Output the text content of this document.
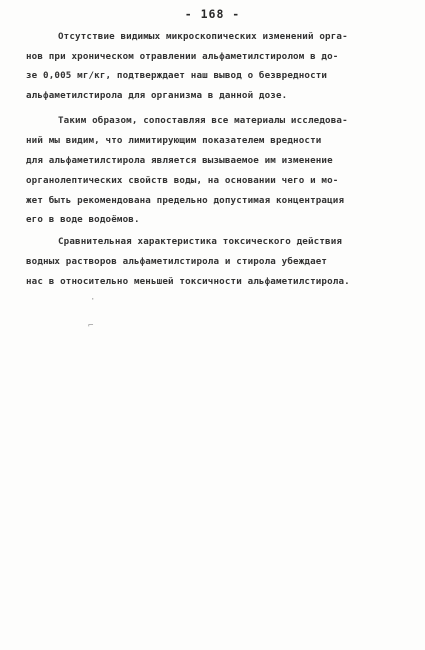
- 168 -
Отсутствие видимых микроскопических изменений орга-
нов при хроническом отравлении альфаметилстиролом в до-
зе 0,005 мг/кг, подтверждает наш вывод о безвредности
альфаметилстирола для организма в данной дозе.
Таким образом, сопоставляя все материалы исследова-
ний мы видим, что лимитирующим показателем вредности
для альфаметилстирола является вызываемое им изменение
органолептических свойств воды, на основании чего и мо-
жет быть рекомендована предельно допустимая концентрация
его в воде водоёмов.
Сравнительная характеристика токсического действия
водных растворов альфаметилстирола и стирола убеждает
нас в относительно меньшей токсичности альфаметилстирола.
·
⌐
